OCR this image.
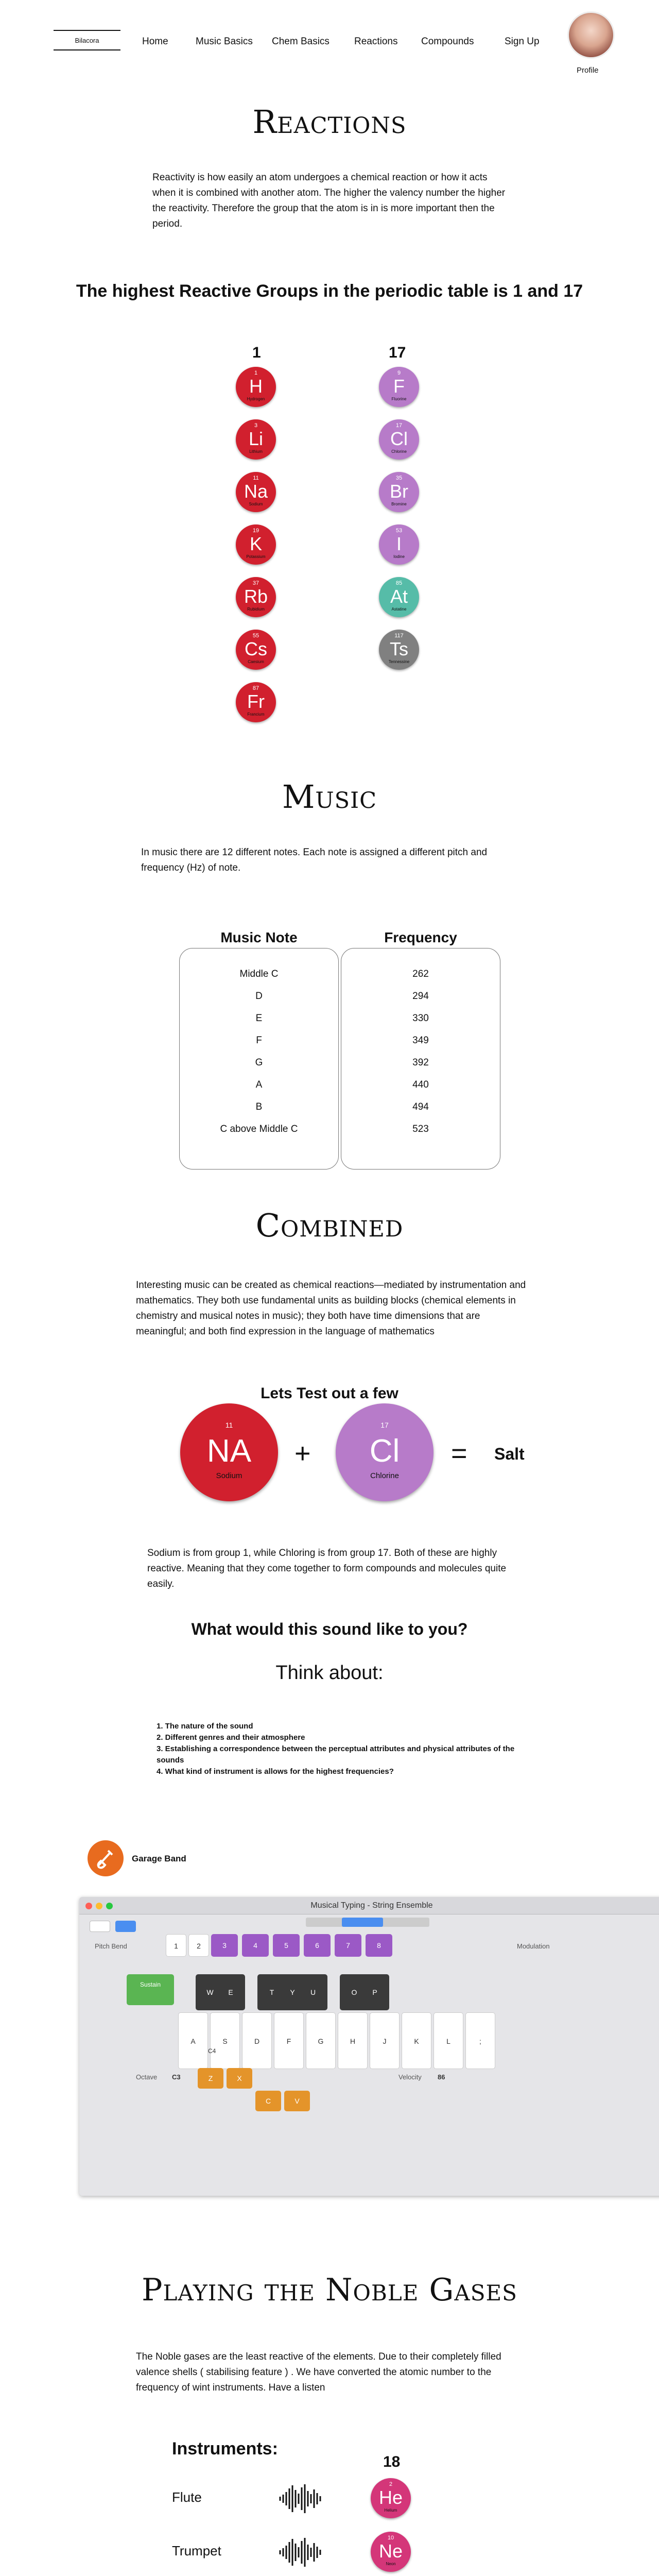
Bilacora	Home	Music Basics Chem Basics	Reactions Compounds	Sign Up
Profile
Reactions
Reactivity is how easily an atom undergoes a chemical reaction or how it acts when it is combined with another atom. The higher the valency number the higher the reactivity. Therefore the group that the atom is in is more important then the period.
The highest Reactive Groups in the periodic table is 1 and 17
1	17
1
H
Hydrogen
3
Li
Lithium
11
Na
Sodium
19
K
Potassium
37
Rb
Rubidium
55
Cs
Caesium
87
Fr
Francium
9
F
Fluorine
17
Cl
Chlorine
35
Br
Bromine
53
I
Iodine
85
At
Astatine
117
Ts
Tennessine
Music
In music there are 12 different notes. Each note is assigned a different pitch and frequency (Hz) of note.
Music Note	Frequency
Middle C	262
D	294
E	330
F	349
G	392
A	440
B	494
C above Middle C	523
Combined
Interesting music can be created as chemical reactions—mediated by instrumentation and mathematics. They both use fundamental units as building blocks (chemical elements in chemistry and musical notes in music); they both have time dimensions that are meaningful; and both find expression in the language of mathematics
Lets Test out a few
11
NA
Sodium
+
17
Cl
Chlorine
= Salt
Sodium is from group 1, while Chloring is from group 17. Both of these are highly reactive. Meaning that they come together to form compounds and molecules quite easily.
What would this sound like to you?
Think about:
1. The nature of the sound
2. Different genres and their atmosphere
3. Establishing a correspondence between the perceptual attributes and physical attributes of the sounds
4. What kind of instrument is allows for the highest frequencies?
Garage Band
Musical Typing - String Ensemble
Pitch Bend	Modulation
1	2	3	4	5	6	7	8
Sustain
W	E	T	Y	U	O	P
A	S	D	F	G	H	J	K	L	;
C4
Octave C3	Z	X
C	V
Velocity 86
Playing the Noble Gases
The Noble gases are the least reactive of the elements. Due to their completely filled valence shells ( stabilising feature ) . We have converted the atomic number to the frequency of wint instruments. Have a listen
Instruments:
18
Flute
2
He
Helium
Trumpet
10
Ne
Neon
